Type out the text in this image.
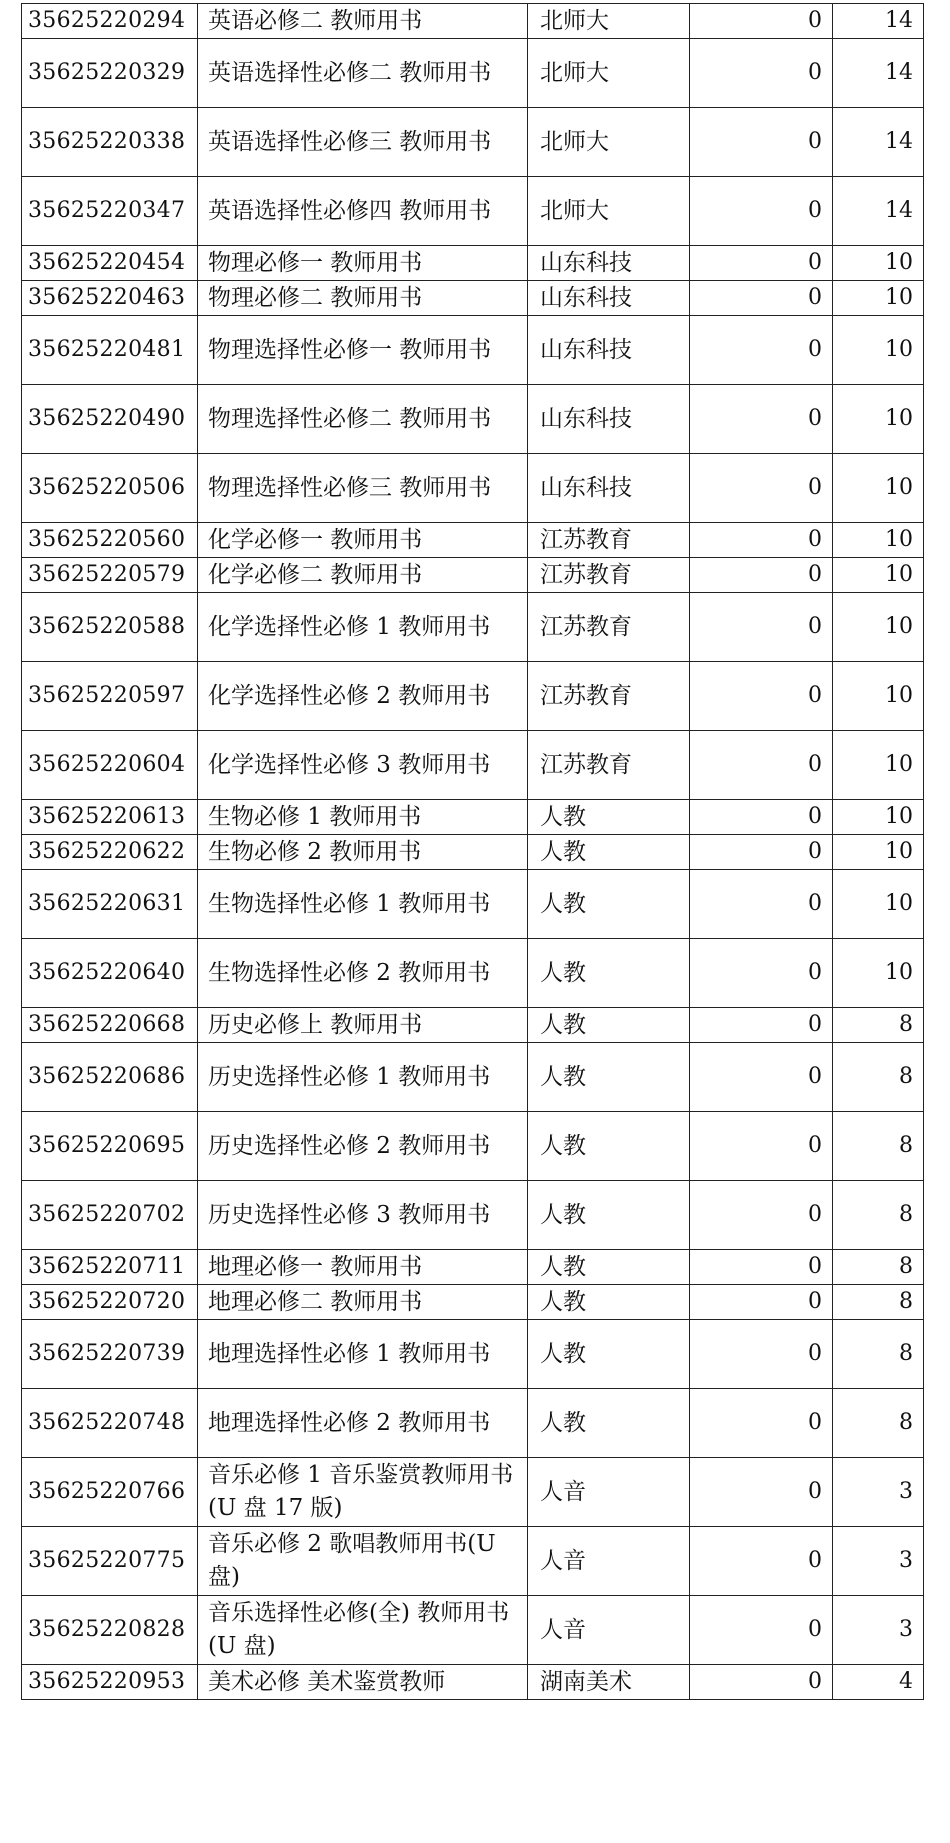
35625220294	英语必修二 教师用书	北师大	0	14
35625220329	英语选择性必修二 教师用书	北师大	0	14
35625220338	英语选择性必修三 教师用书	北师大	0	14
35625220347	英语选择性必修四 教师用书	北师大	0	14
35625220454	物理必修一 教师用书	山东科技	0	10
35625220463	物理必修二 教师用书	山东科技	0	10
35625220481	物理选择性必修一 教师用书	山东科技	0	10
35625220490	物理选择性必修二 教师用书	山东科技	0	10
35625220506	物理选择性必修三 教师用书	山东科技	0	10
35625220560	化学必修一 教师用书	江苏教育	0	10
35625220579	化学必修二 教师用书	江苏教育	0	10
35625220588	化学选择性必修 1 教师用书	江苏教育	0	10
35625220597	化学选择性必修 2 教师用书	江苏教育	0	10
35625220604	化学选择性必修 3 教师用书	江苏教育	0	10
35625220613	生物必修 1 教师用书	人教	0	10
35625220622	生物必修 2 教师用书	人教	0	10
35625220631	生物选择性必修 1 教师用书	人教	0	10
35625220640	生物选择性必修 2 教师用书	人教	0	10
35625220668	历史必修上 教师用书	人教	0	8
35625220686	历史选择性必修 1 教师用书	人教	0	8
35625220695	历史选择性必修 2 教师用书	人教	0	8
35625220702	历史选择性必修 3 教师用书	人教	0	8
35625220711	地理必修一 教师用书	人教	0	8
35625220720	地理必修二 教师用书	人教	0	8
35625220739	地理选择性必修 1 教师用书	人教	0	8
35625220748	地理选择性必修 2 教师用书	人教	0	8
35625220766	音乐必修 1 音乐鉴赏教师用书(U 盘 17 版)	人音	0	3
35625220775	音乐必修 2 歌唱教师用书(U 盘)	人音	0	3
35625220828	音乐选择性必修(全) 教师用书(U 盘)	人音	0	3
35625220953	美术必修 美术鉴赏教师	湖南美术	0	4
